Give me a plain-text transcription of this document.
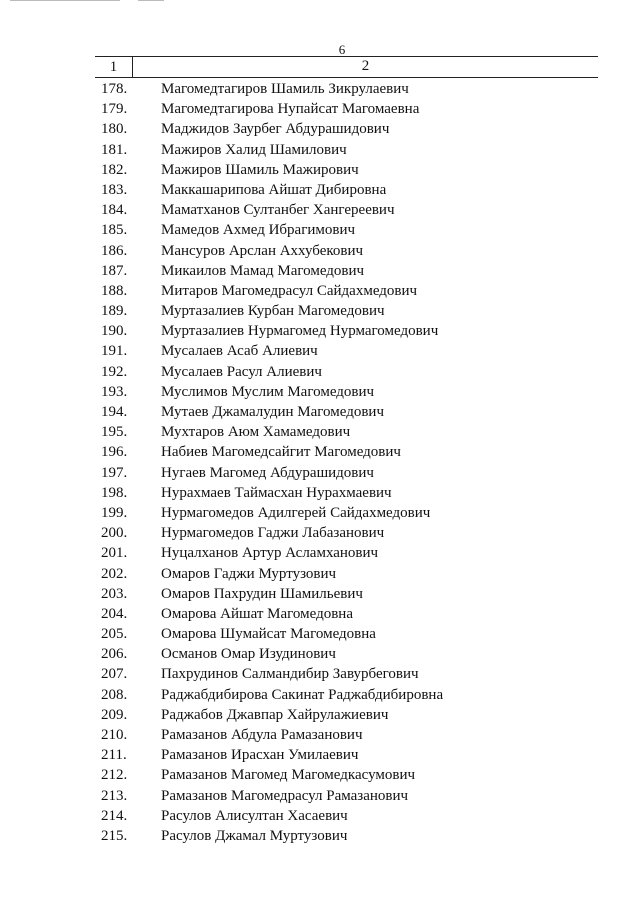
6
1	2
178.	Магомедтагиров Шамиль Зикрулаевич
179.	Магомедтагирова Нупайсат Магомаевна
180.	Маджидов Заурбег Абдурашидович
181.	Мажиров Халид Шамилович
182.	Мажиров Шамиль Мажирович
183.	Маккашарипова Айшат Дибировна
184.	Маматханов Султанбег Хангереевич
185.	Мамедов Ахмед Ибрагимович
186.	Мансуров Арслан Аххубекович
187.	Микаилов Мамад Магомедович
188.	Митаров Магомедрасул Сайдахмедович
189.	Муртазалиев Курбан Магомедович
190.	Муртазалиев Нурмагомед Нурмагомедович
191.	Мусалаев Асаб Алиевич
192.	Мусалаев Расул Алиевич
193.	Муслимов Муслим Магомедович
194.	Мутаев Джамалудин Магомедович
195.	Мухтаров Аюм Хамамедович
196.	Набиев Магомедсайгит Магомедович
197.	Нугаев Магомед Абдурашидович
198.	Нурахмаев Таймасхан Нурахмаевич
199.	Нурмагомедов Адилгерей Сайдахмедович
200.	Нурмагомедов Гаджи Лабазанович
201.	Нуцалханов Артур Асламханович
202.	Омаров Гаджи Муртузович
203.	Омаров Пахрудин Шамильевич
204.	Омарова Айшат Магомедовна
205.	Омарова Шумайсат Магомедовна
206.	Османов Омар Изудинович
207.	Пахрудинов Салмандибир Завурбегович
208.	Раджабдибирова Сакинат Раджабдибировна
209.	Раджабов Джавпар Хайрулажиевич
210.	Рамазанов Абдула Рамазанович
211.	Рамазанов Ирасхан Умилаевич
212.	Рамазанов Магомед Магомедкасумович
213.	Рамазанов Магомедрасул Рамазанович
214.	Расулов Алисултан Хасаевич
215.	Расулов Джамал Муртузович
